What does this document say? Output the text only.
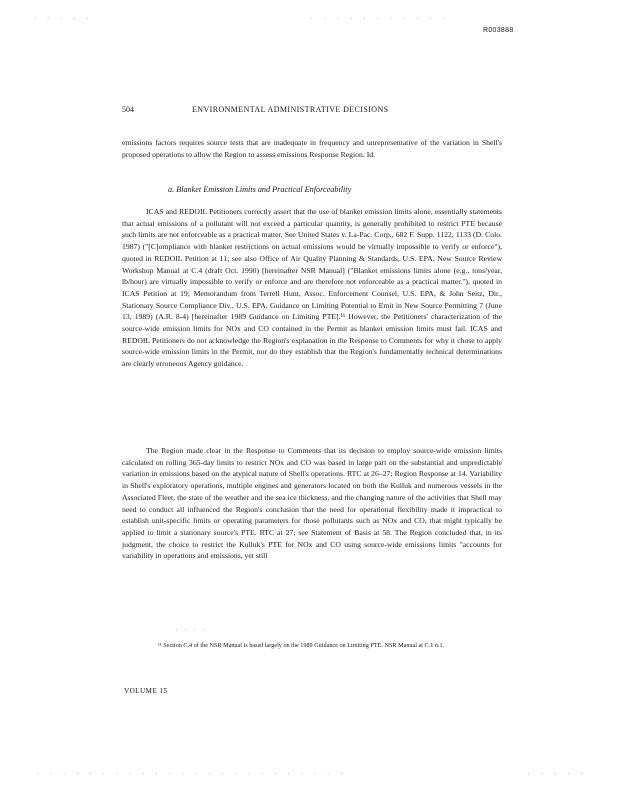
. . . . .	. . . . . . . . . . .
R003888
504	ENVIRONMENTAL ADMINISTRATIVE DECISIONS

emissions factors requires source tests that are inadequate in frequency and unrepresentative of the variation in Shell's proposed operations to allow the Region to assess emissions Response Region. Id.

a. Blanket Emission Limits and Practical Enforceability

ICAS and REDOIL Petitioners correctly assert that the use of blanket emission limits alone, essentially statements that actual emissions of a pollutant will not exceed a particular quantity, is generally prohibited to restrict PTE because such limits are not enforceable as a practical matter. See United States v. La-Pac. Corp., 682 F. Supp. 1122, 1133 (D. Colo. 1987) ("[C]ompliance with blanket restrictions on actual emissions would be virtually impossible to verify or enforce"), quoted in REDOIL Petition at 11; see also Office of Air Quality Planning & Standards, U.S. EPA, New Source Review Workshop Manual at C.4 (draft Oct. 1990) [hereinafter NSR Manual] ("Blanket emissions limits alone (e.g., tons/year, lb/hour) are virtually impossible to verify or enforce and are therefore not enforceable as a practical matter."), quoted in ICAS Petition at 19; Memorandum from Terrell Hunt, Assoc. Enforcement Counsel, U.S. EPA, & John Seitz, Dir., Stationary Source Compliance Div., U.S. EPA, Guidance on Limiting Potential to Emit in New Source Permitting 7 (June 13, 1989) (A.R. 8-4) [hereinafter 1989 Guidance on Limiting PTE].¹¹ However, the Petitioners' characterization of the source-wide emission limits for NOx and CO contained in the Permit as blanket emission limits must fail. ICAS and REDOIL Petitioners do not acknowledge the Region's explanation in the Response to Comments for why it chose to apply source-wide emission limits in the Permit, nor do they establish that the Region's fundamentally technical determinations are clearly erroneous Agency guidance.

The Region made clear in the Response to Comments that its decision to employ source-wide emission limits calculated on rolling 365-day limits to restrict NOx and CO was based in large part on the substantial and unpredictable variation in emissions based on the atypical nature of Shell's operations. RTC at 26–27; Region Response at 14. Variability in Shell's exploratory operations, multiple engines and generators located on both the Kulluk and numerous vessels in the Associated Fleet, the state of the weather and the sea ice thickness, and the changing nature of the activities that Shell may need to conduct all influenced the Region's conclusion that the need for operational flexibility made it impractical to establish unit-specific limits or operating parameters for those pollutants such as NOx and CO, that might typically be applied to limit a stationary source's PTE. RTC at 27; see Statement of Basis at 58. The Region concluded that, in its judgment, the choice to restrict the Kulluk's PTE for NOx and CO using source-wide emissions limits "accounts for variability in operations and emissions, yet still

. . . .
¹¹ Section C.4 of the NSR Manual is based largely on the 1989 Guidance on Limiting PTE. NSR Manual at C.1 n.1.
VOLUME 15
. . . . . . . . . . . . . . . . . . . . . . . .	. . . . .
